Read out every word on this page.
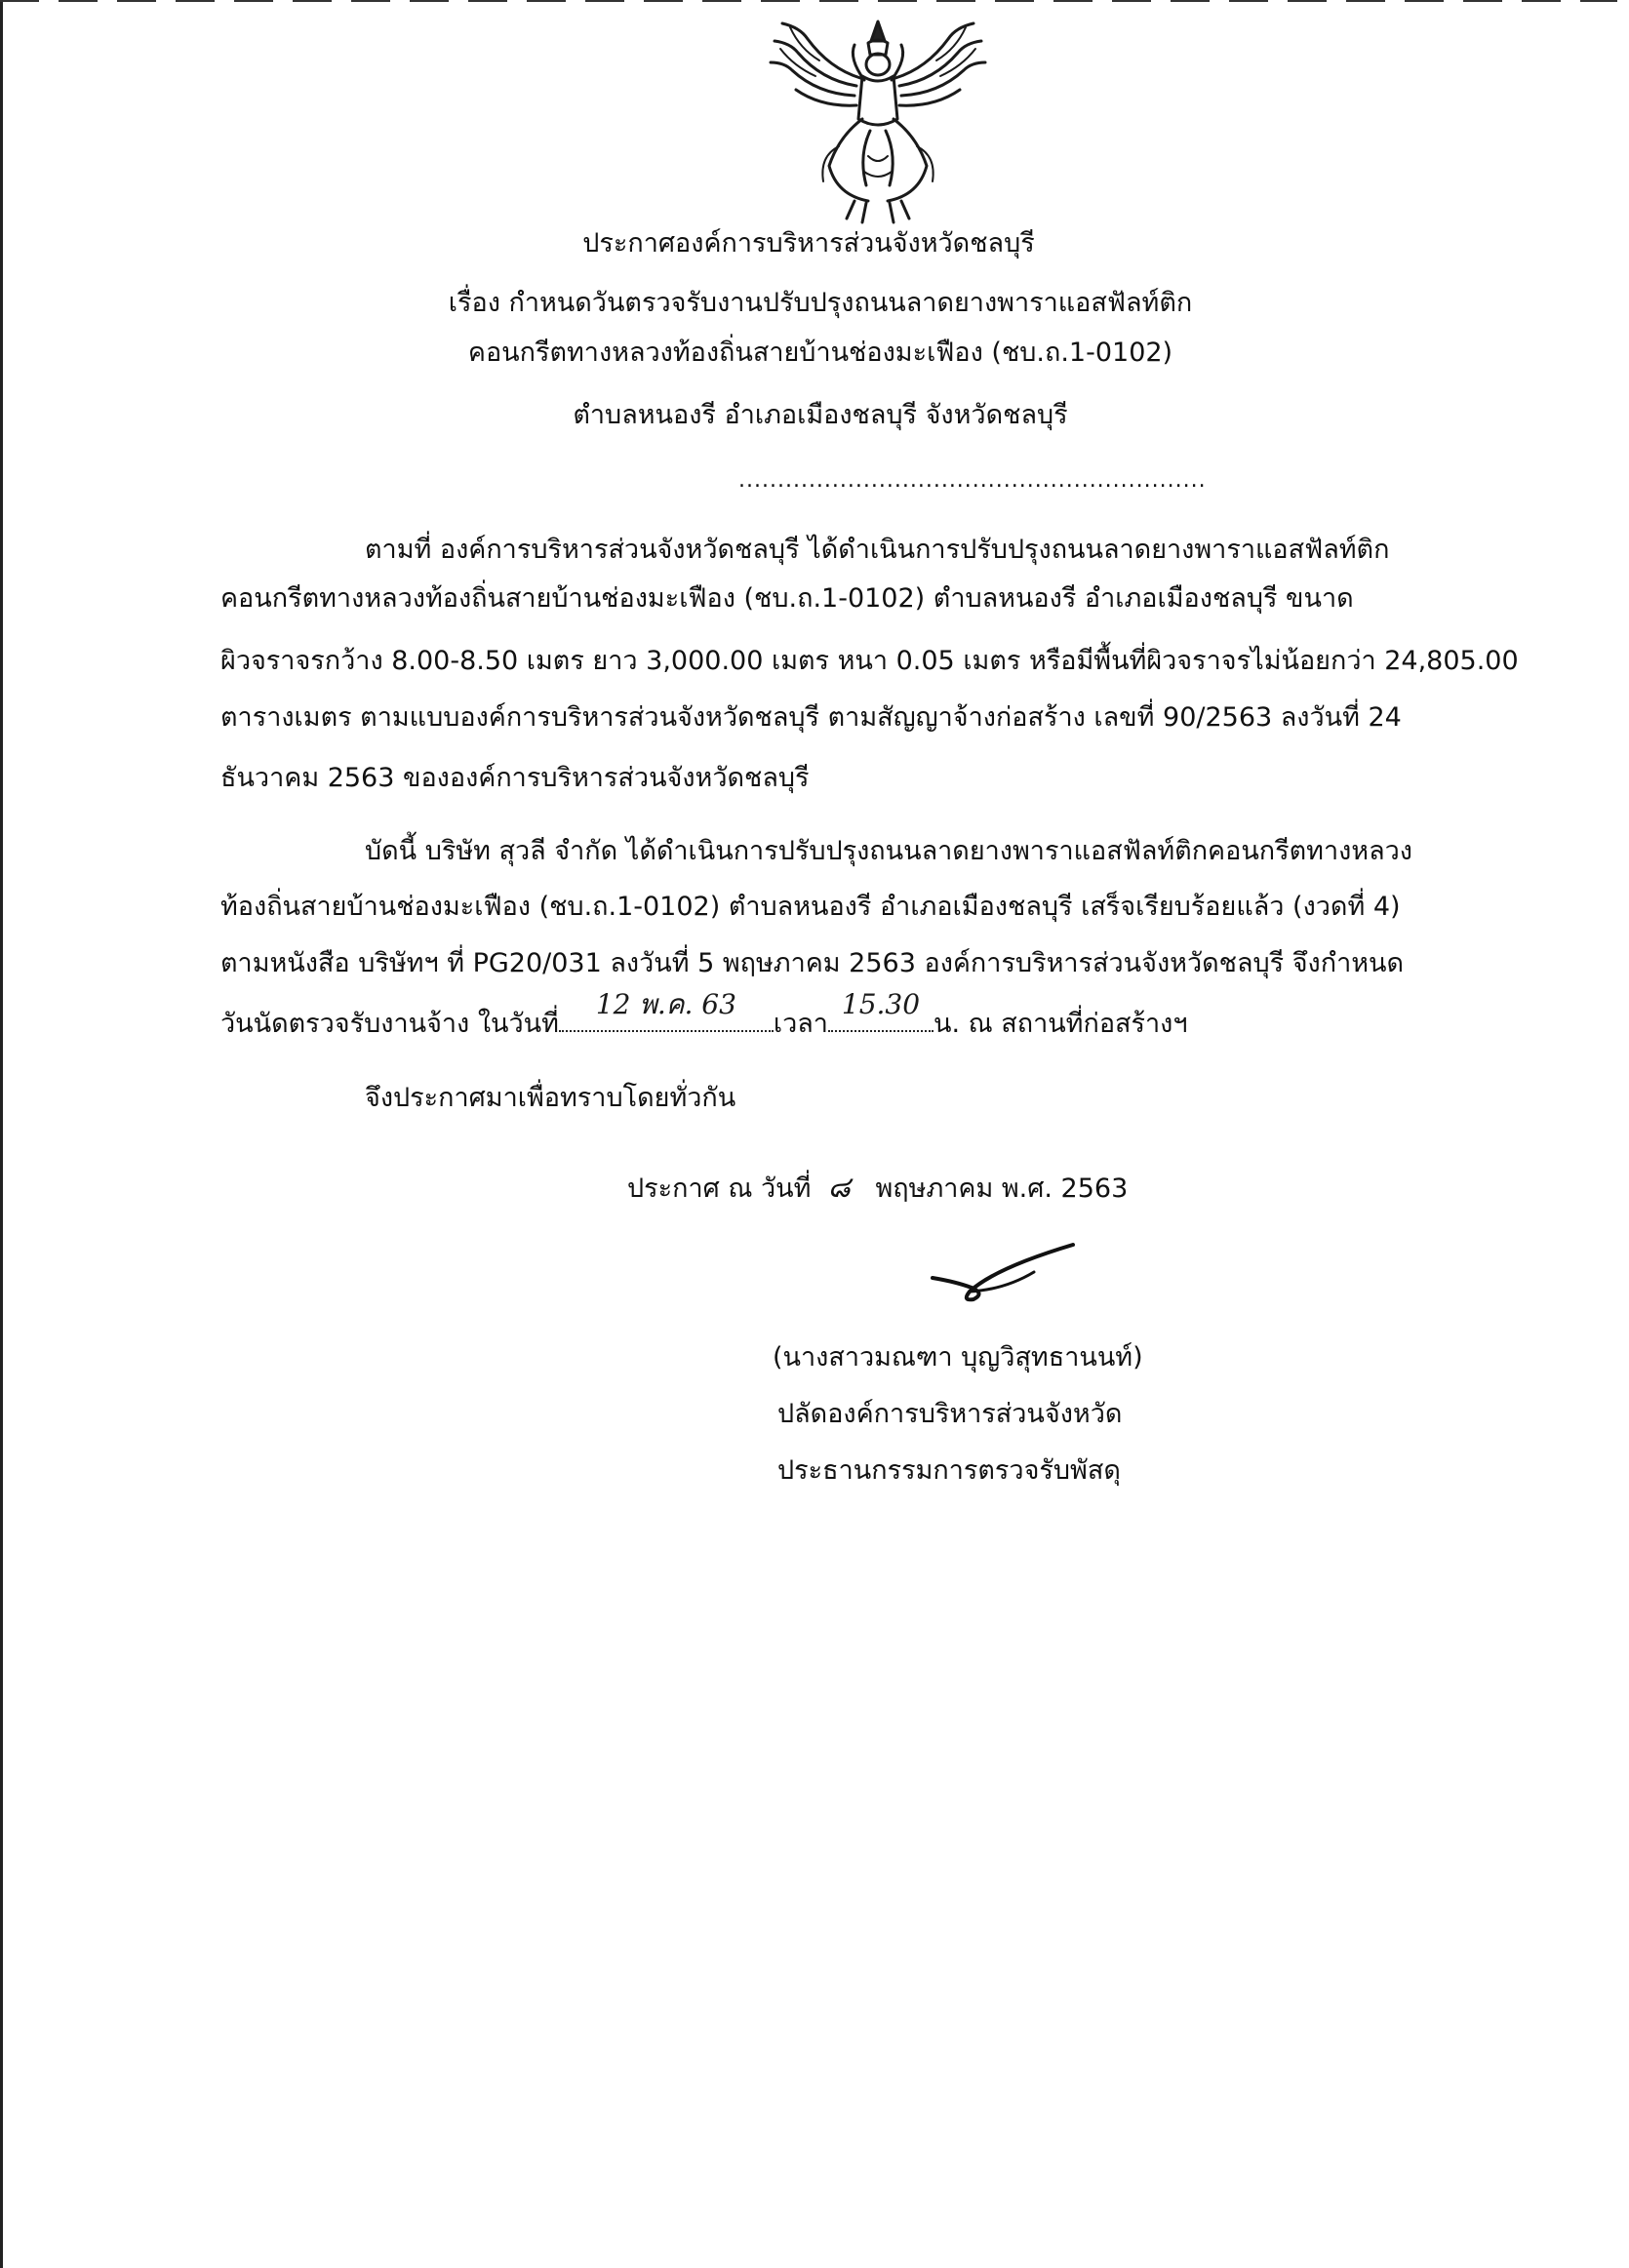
ประกาศองค์การบริหารส่วนจังหวัดชลบุรี
เรื่อง กำหนดวันตรวจรับงานปรับปรุงถนนลาดยางพาราแอสฟัลท์ติก
คอนกรีตทางหลวงท้องถิ่นสายบ้านช่องมะเฟือง (ชบ.ถ.1-0102)
ตำบลหนองรี อำเภอเมืองชลบุรี จังหวัดชลบุรี
............................................................
ตามที่ องค์การบริหารส่วนจังหวัดชลบุรี ได้ดำเนินการปรับปรุงถนนลาดยางพาราแอสฟัลท์ติก
คอนกรีตทางหลวงท้องถิ่นสายบ้านช่องมะเฟือง (ชบ.ถ.1-0102) ตำบลหนองรี อำเภอเมืองชลบุรี ขนาด
ผิวจราจรกว้าง 8.00-8.50 เมตร ยาว 3,000.00 เมตร หนา 0.05 เมตร หรือมีพื้นที่ผิวจราจรไม่น้อยกว่า 24,805.00
ตารางเมตร ตามแบบองค์การบริหารส่วนจังหวัดชลบุรี ตามสัญญาจ้างก่อสร้าง เลขที่ 90/2563 ลงวันที่ 24
ธันวาคม 2563 ขององค์การบริหารส่วนจังหวัดชลบุรี
บัดนี้ บริษัท สุวลี จำกัด ได้ดำเนินการปรับปรุงถนนลาดยางพาราแอสฟัลท์ติกคอนกรีตทางหลวง
ท้องถิ่นสายบ้านช่องมะเฟือง (ชบ.ถ.1-0102) ตำบลหนองรี อำเภอเมืองชลบุรี เสร็จเรียบร้อยแล้ว (งวดที่ 4)
ตามหนังสือ บริษัทฯ ที่ PG20/031 ลงวันที่ 5 พฤษภาคม 2563 องค์การบริหารส่วนจังหวัดชลบุรี จึงกำหนด
วันนัดตรวจรับงานจ้าง ในวันที่
12 พ.ค. 63
เวลา
15.30
น. ณ สถานที่ก่อสร้างฯ
จึงประกาศมาเพื่อทราบโดยทั่วกัน
ประกาศ ณ วันที่ ๘ พฤษภาคม พ.ศ. 2563
(นางสาวมณฑา บุญวิสุทธานนท์)
ปลัดองค์การบริหารส่วนจังหวัด
ประธานกรรมการตรวจรับพัสดุ
